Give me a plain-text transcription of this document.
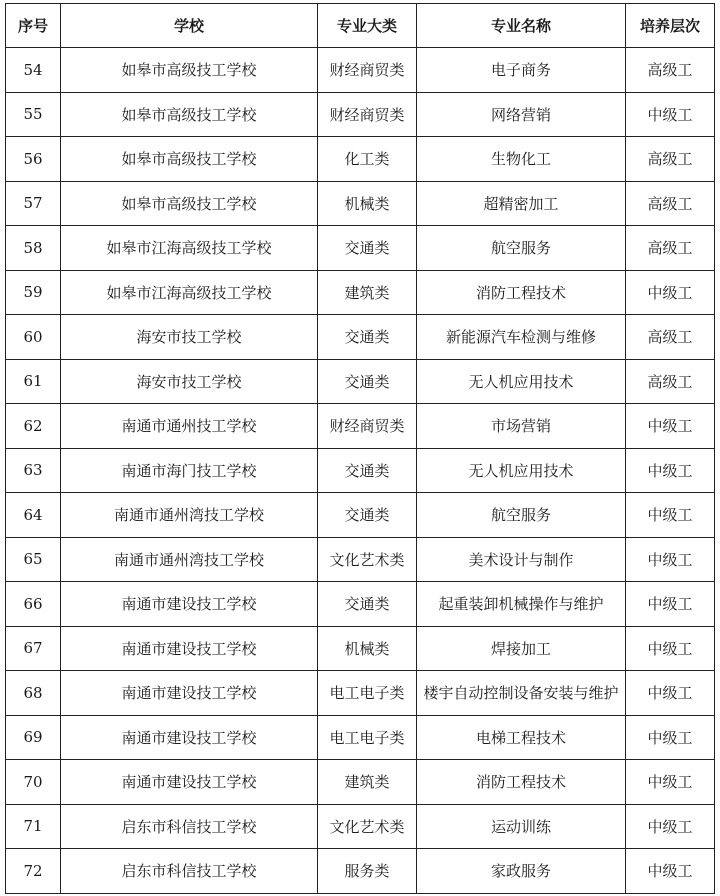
序号	学校	专业大类	专业名称	培养层次
54	如皋市高级技工学校	财经商贸类	电子商务	高级工
55	如皋市高级技工学校	财经商贸类	网络营销	中级工
56	如皋市高级技工学校	化工类	生物化工	高级工
57	如皋市高级技工学校	机械类	超精密加工	高级工
58	如皋市江海高级技工学校	交通类	航空服务	高级工
59	如皋市江海高级技工学校	建筑类	消防工程技术	中级工
60	海安市技工学校	交通类	新能源汽车检测与维修	高级工
61	海安市技工学校	交通类	无人机应用技术	高级工
62	南通市通州技工学校	财经商贸类	市场营销	中级工
63	南通市海门技工学校	交通类	无人机应用技术	中级工
64	南通市通州湾技工学校	交通类	航空服务	中级工
65	南通市通州湾技工学校	文化艺术类	美术设计与制作	中级工
66	南通市建设技工学校	交通类	起重装卸机械操作与维护	中级工
67	南通市建设技工学校	机械类	焊接加工	中级工
68	南通市建设技工学校	电工电子类	楼宇自动控制设备安装与维护	中级工
69	南通市建设技工学校	电工电子类	电梯工程技术	中级工
70	南通市建设技工学校	建筑类	消防工程技术	中级工
71	启东市科信技工学校	文化艺术类	运动训练	中级工
72	启东市科信技工学校	服务类	家政服务	中级工
